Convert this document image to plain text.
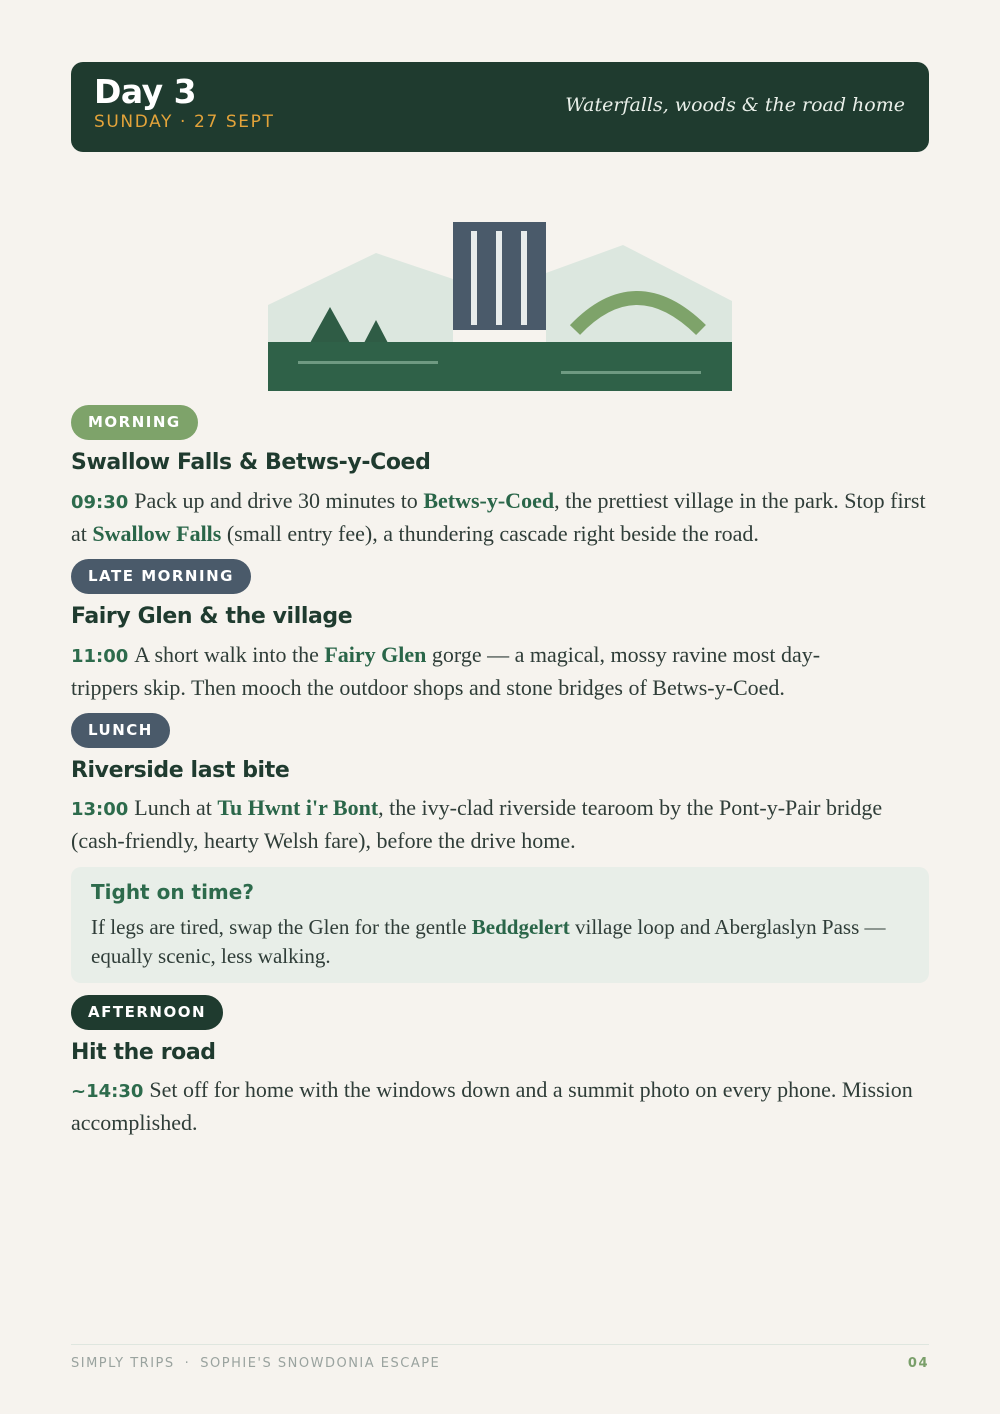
Day 3
SUNDAY · 27 SEPT
Waterfalls, woods & the road home
MORNING
Swallow Falls & Betws-y-Coed
09:30 Pack up and drive 30 minutes to Betws-y-Coed, the prettiest village in the park. Stop first at Swallow Falls (small entry fee), a thundering cascade right beside the road.
LATE MORNING
Fairy Glen & the village
11:00 A short walk into the Fairy Glen gorge — a magical, mossy ravine most day-trippers skip. Then mooch the outdoor shops and stone bridges of Betws-y-Coed.
LUNCH
Riverside last bite
13:00 Lunch at Tu Hwnt i'r Bont, the ivy-clad riverside tearoom by the Pont-y-Pair bridge (cash-friendly, hearty Welsh fare), before the drive home.
Tight on time?
If legs are tired, swap the Glen for the gentle Beddgelert village loop and Aberglaslyn Pass — equally scenic, less walking.
AFTERNOON
Hit the road
~14:30 Set off for home with the windows down and a summit photo on every phone. Mission accomplished.
SIMPLY TRIPS · SOPHIE'S SNOWDONIA ESCAPE	04
